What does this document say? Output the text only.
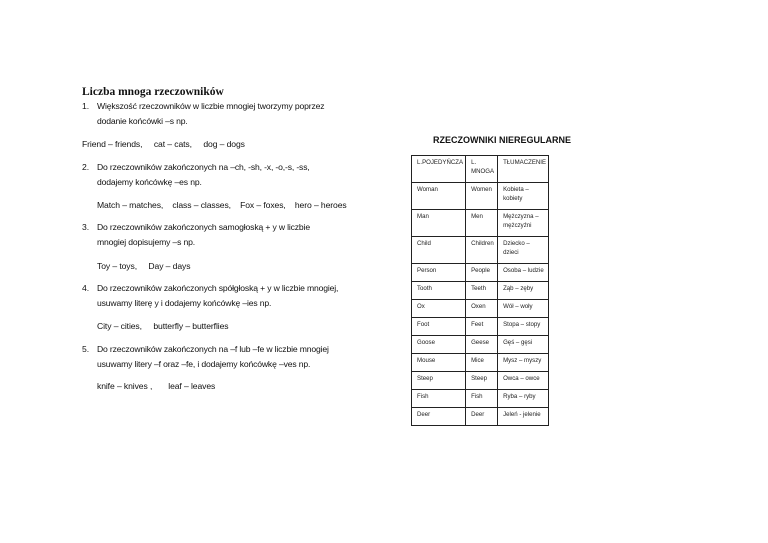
Liczba mnoga rzeczowników
1. Większość rzeczowników w liczbie mnogiej tworzymy poprzez
dodanie końcówki –s np.
Friend – friends,     cat – cats,     dog – dogs
2. Do rzeczowników zakończonych na –ch, -sh, -x, -o,-s, -ss,
dodajemy końcówkę –es np.
Match – matches,    class – classes,    Fox – foxes,    hero – heroes
3. Do rzeczowników zakończonych samogłoską + y w liczbie
mnogiej dopisujemy –s np.
Toy – toys,     Day – days
4. Do rzeczowników zakończonych spółgłoską + y w liczbie mnogiej,
usuwamy literę y i dodajemy końcówkę –ies np.
City – cities,     butterfly – butterflies
5. Do rzeczowników zakończonych na –f lub –fe w liczbie mnogiej
usuwamy litery –f oraz –fe, i dodajemy końcówkę –ves np.
knife – knives ,       leaf – leaves
RZECZOWNIKI NIEREGULARNE
L.POJEDYŃCZA	L. MNOGA	TŁUMACZENIE
Woman	Women	Kobieta – kobiety
Man	Men	Mężczyzna – mężczyźni
Child	Children	Dziecko – dzieci
Person	People	Osoba – ludzie
Tooth	Teeth	Ząb – zęby
Ox	Oxen	Wół – woły
Foot	Feet	Stopa – stopy
Goose	Geese	Gęś – gęsi
Mouse	Mice	Mysz – myszy
Steep	Steep	Owca – owce
Fish	Fish	Ryba – ryby
Deer	Deer	Jeleń - jelenie
